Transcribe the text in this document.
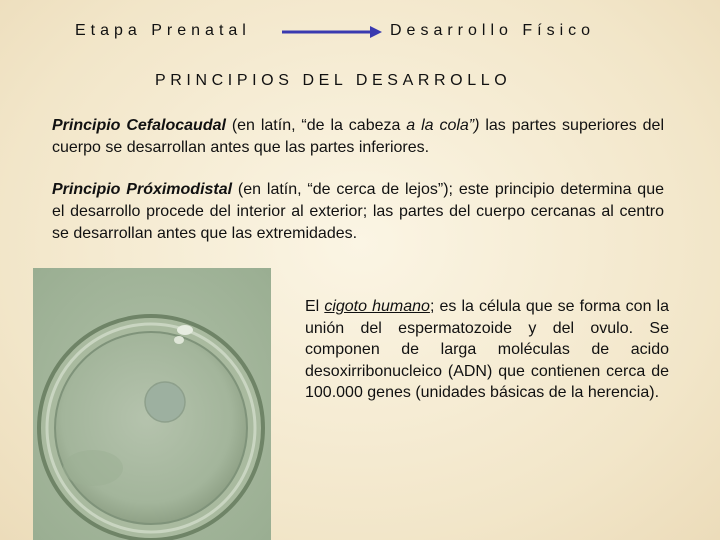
Etapa Prenatal	Desarrollo Físico
PRINCIPIOS DEL DESARROLLO
Principio Cefalocaudal (en latín, “de la cabeza a la cola”) las partes superiores del cuerpo se desarrollan antes que las partes inferiores.
Principio Próximodistal (en latín, “de cerca de lejos”); este principio determina que el desarrollo procede del interior al exterior; las partes del cuerpo cercanas al centro se desarrollan antes que las extremidades.
El cigoto humano; es la célula que se forma con la unión del espermatozoide y del ovulo. Se componen de larga moléculas de acido desoxirribonucleico (ADN) que contienen cerca de 100.000 genes (unidades básicas de la herencia).
